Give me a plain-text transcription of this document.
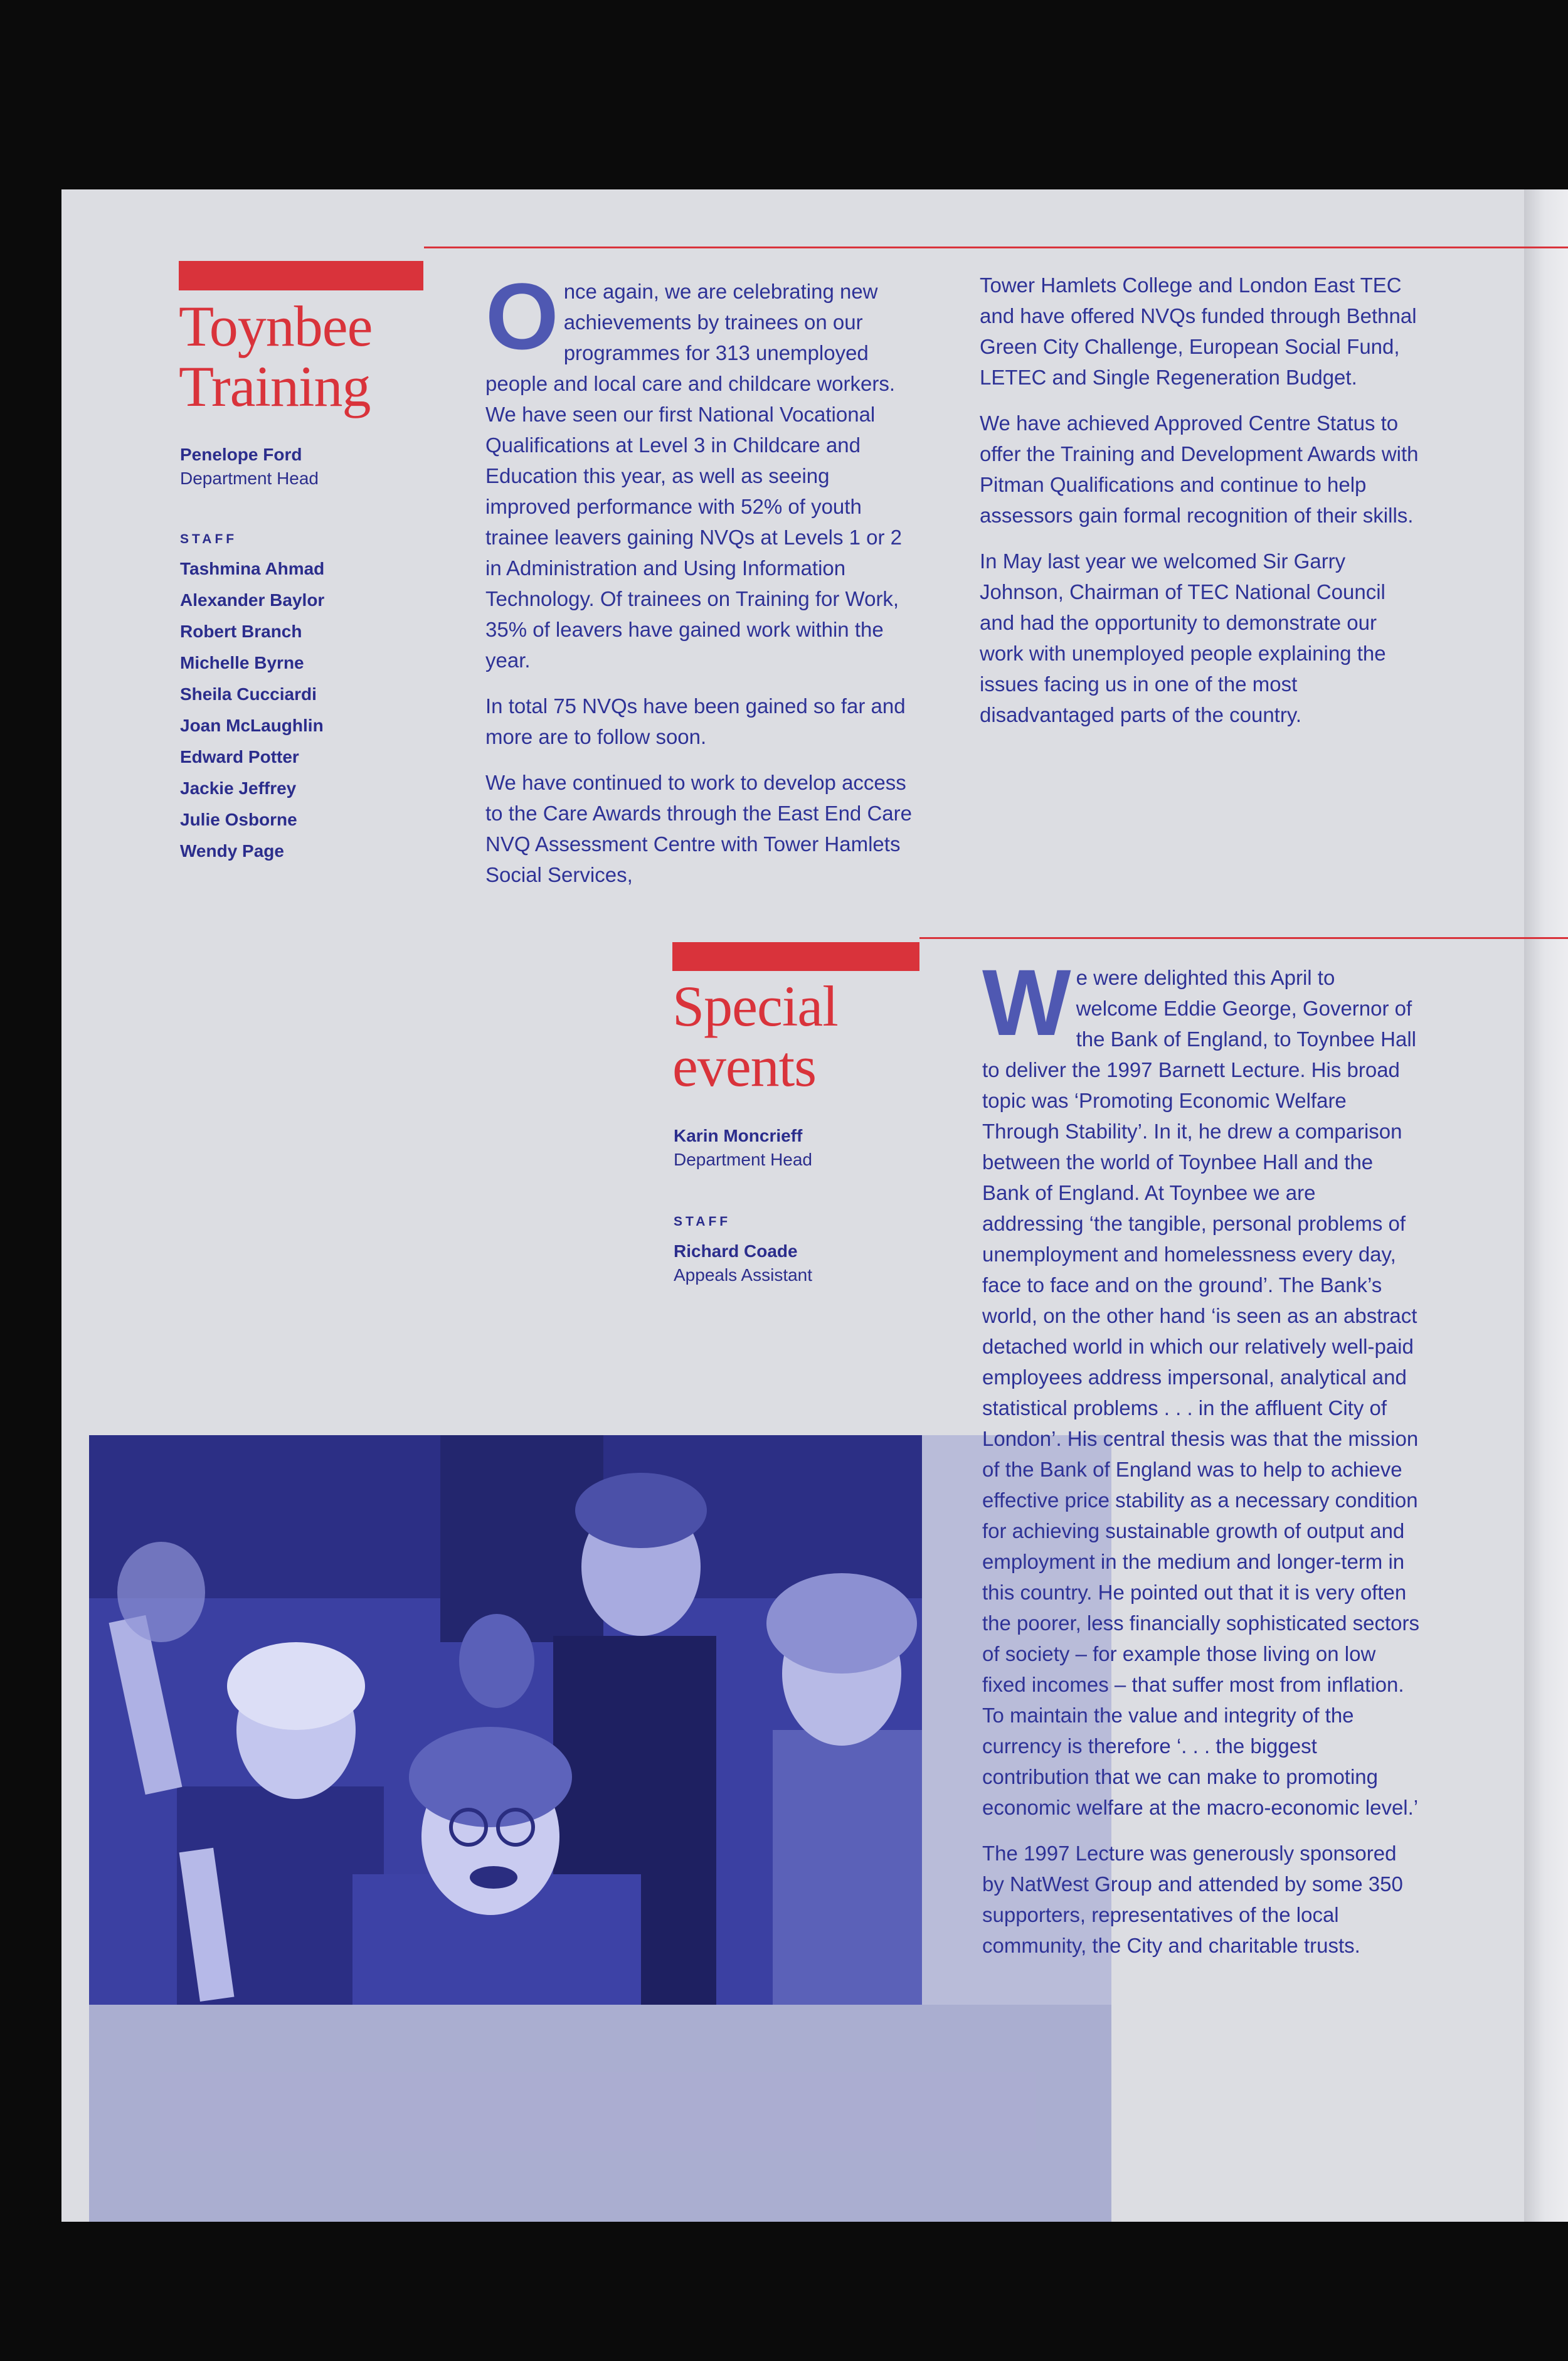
Toynbee
Training
Penelope Ford
Department Head
STAFF
Tashmina Ahmad
Alexander Baylor
Robert Branch
Michelle Byrne
Sheila Cucciardi
Joan McLaughlin
Edward Potter
Jackie Jeffrey
Julie Osborne
Wendy Page

Once again, we are celebrating new achievements by trainees on our programmes for 313 unemployed people and local care and childcare workers. We have seen our first National Vocational Qualifications at Level 3 in Childcare and Education this year, as well as seeing improved performance with 52% of youth trainee leavers gaining NVQs at Levels 1 or 2 in Administration and Using Information Technology. Of trainees on Training for Work, 35% of leavers have gained work within the year.

In total 75 NVQs have been gained so far and more are to follow soon.

We have continued to work to develop access to the Care Awards through the East End Care NVQ Assessment Centre with Tower Hamlets Social Services,

Tower Hamlets College and London East TEC and have offered NVQs funded through Bethnal Green City Challenge, European Social Fund, LETEC and Single Regeneration Budget.

We have achieved Approved Centre Status to offer the Training and Development Awards with Pitman Qualifications and continue to help assessors gain formal recognition of their skills.

In May last year we welcomed Sir Garry Johnson, Chairman of TEC National Council and had the opportunity to demonstrate our work with unemployed people explaining the issues facing us in one of the most disadvantaged parts of the country.

Special
events
Karin Moncrieff
Department Head
STAFF
Richard Coade
Appeals Assistant

We were delighted this April to welcome Eddie George, Governor of the Bank of England, to Toynbee Hall to deliver the 1997 Barnett Lecture. His broad topic was ‘Promoting Economic Welfare Through Stability’. In it, he drew a comparison between the world of Toynbee Hall and the Bank of England. At Toynbee we are addressing ‘the tangible, personal problems of unemployment and homelessness every day, face to face and on the ground’. The Bank’s world, on the other hand ‘is seen as an abstract detached world in which our relatively well-paid employees address impersonal, analytical and statistical problems . . . in the affluent City of London’. His central thesis was that the mission of the Bank of England was to help to achieve effective price stability as a necessary condition for achieving sustainable growth of output and employment in the medium and longer-term in this country. He pointed out that it is very often the poorer, less financially sophisticated sectors of society – for example those living on low fixed incomes – that suffer most from inflation. To maintain the value and integrity of the currency is therefore ‘. . . the biggest contribution that we can make to promoting economic welfare at the macro-economic level.’

The 1997 Lecture was generously sponsored by NatWest Group and attended by some 350 supporters, representatives of the local community, the City and charitable trusts.
